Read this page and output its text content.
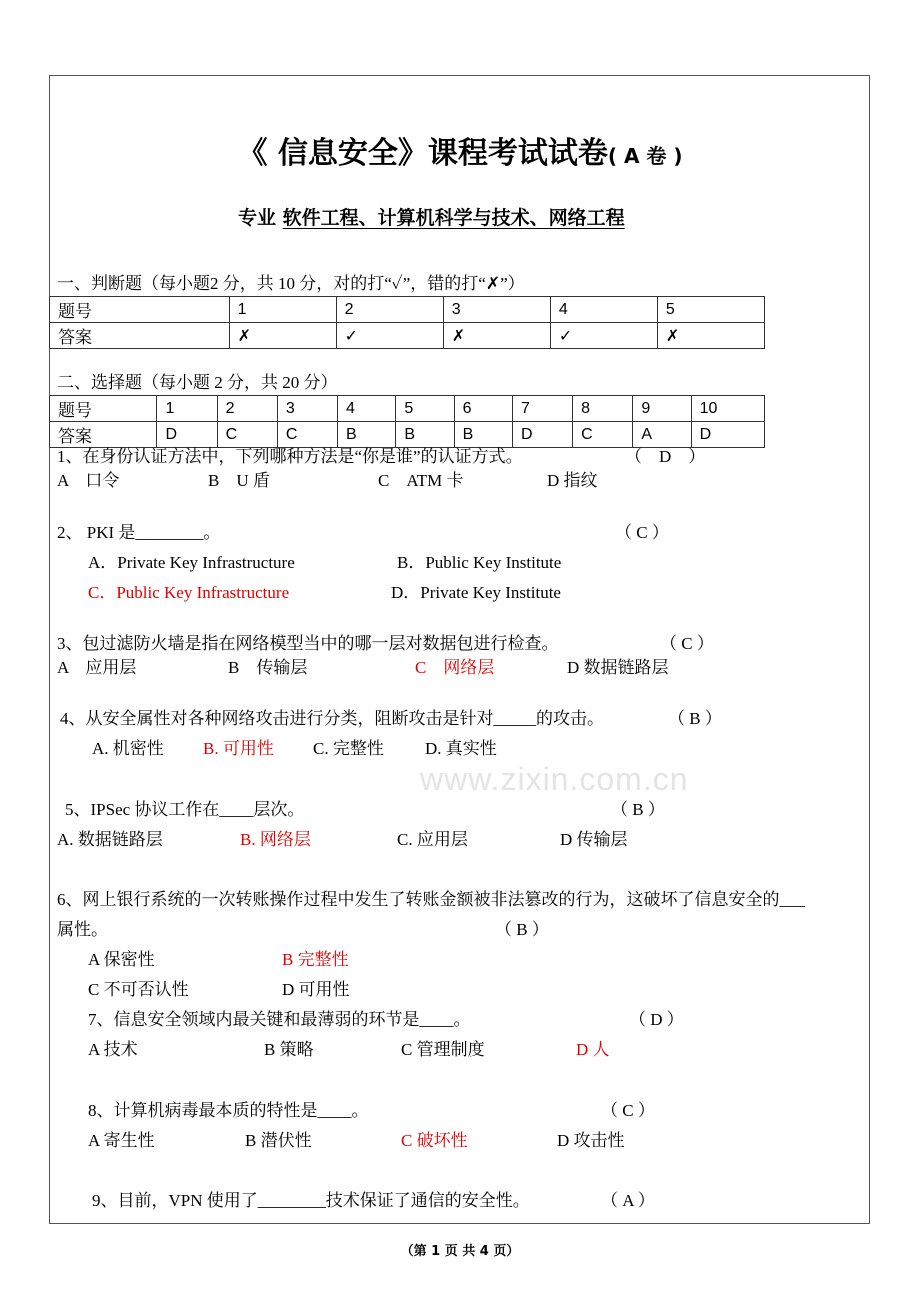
www.zixin.com.cn
《 信息安全》课程考试试卷( A 卷 )
专业 软件工程、计算机科学与技术、网络工程
一、判断题（每小题2 分，共 10 分，对的打“✓”，错的打“✗”）
题号	1	2	3	4	5
答案	✗	✓	✗	✓	✗
二、选择题（每小题 2 分，共 20 分）
题号	1	2	3	4	5	6	7	8	9	10
答案	D	C	C	B	B	B	D	C	A	D
1、在身份认证方法中，下列哪种方法是“你是谁”的认证方式。	（　D　）
A　口令	B　U 盾	C　ATM 卡	D 指纹
2、 PKI 是________。	（ C ）
A．Private Key Infrastructure	B．Public Key Institute
C．Public Key Infrastructure	D．Private Key Institute
3、包过滤防火墙是指在网络模型当中的哪一层对数据包进行检查。	（ C ）
A　应用层	B　传输层	C　网络层	D 数据链路层
4、从安全属性对各种网络攻击进行分类，阻断攻击是针对_____的攻击。	（ B ）
A. 机密性 B. 可用性 C. 完整性 D. 真实性
5、IPSec 协议工作在____层次。	（ B ）
A. 数据链路层	B. 网络层	C. 应用层	D 传输层
6、网上银行系统的一次转账操作过程中发生了转账金额被非法篡改的行为，这破坏了信息安全的___
属性。	（ B ）
A 保密性	B 完整性
C 不可否认性	D 可用性
7、信息安全领域内最关键和最薄弱的环节是____。	（ D ）
A 技术	B 策略	C 管理制度	D 人
8、计算机病毒最本质的特性是____。	（ C ）
A 寄生性	B 潜伏性	C 破坏性	D 攻击性
9、目前，VPN 使用了________技术保证了通信的安全性。	（ A ）
（第 1 页 共 4 页）
